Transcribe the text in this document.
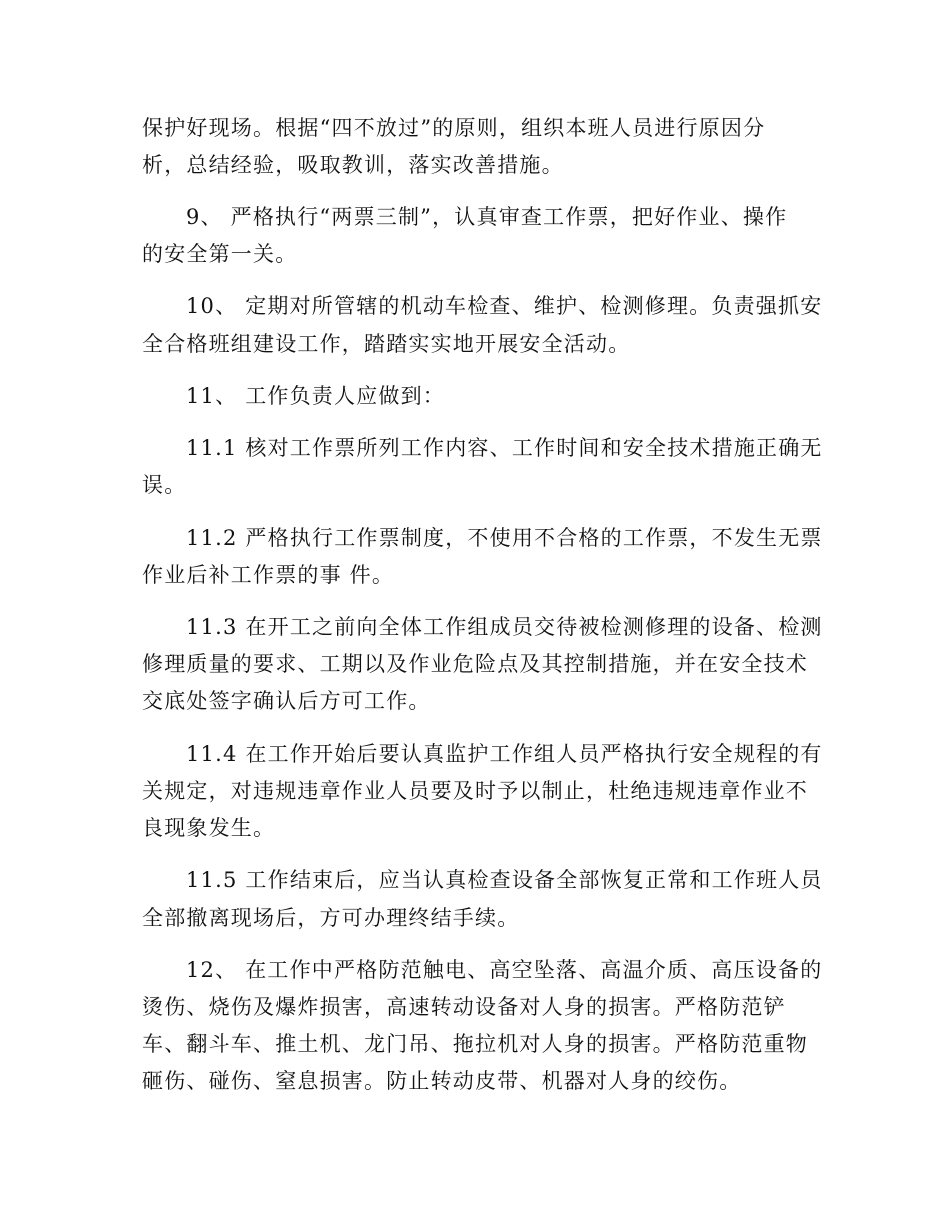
保护好现场。根据“四不放过”的原则，组织本班人员进行原因分
析，总结经验，吸取教训，落实改善措施。
9、 严格执行“两票三制”，认真审查工作票，把好作业、操作
的安全第一关。
10、 定期对所管辖的机动车检查、维护、检测修理。负责强抓安
全合格班组建设工作，踏踏实实地开展安全活动。
11、 工作负责人应做到：
11.1 核对工作票所列工作内容、工作时间和安全技术措施正确无
误。
11.2 严格执行工作票制度，不使用不合格的工作票，不发生无票
作业后补工作票的事 件。
11.3 在开工之前向全体工作组成员交待被检测修理的设备、检测
修理质量的要求、工期以及作业危险点及其控制措施，并在安全技术
交底处签字确认后方可工作。
11.4 在工作开始后要认真监护工作组人员严格执行安全规程的有
关规定，对违规违章作业人员要及时予以制止，杜绝违规违章作业不
良现象发生。
11.5 工作结束后，应当认真检查设备全部恢复正常和工作班人员
全部撤离现场后，方可办理终结手续。
12、 在工作中严格防范触电、高空坠落、高温介质、高压设备的
烫伤、烧伤及爆炸损害，高速转动设备对人身的损害。严格防范铲
车、翻斗车、推土机、龙门吊、拖拉机对人身的损害。严格防范重物
砸伤、碰伤、窒息损害。防止转动皮带、机器对人身的绞伤。
